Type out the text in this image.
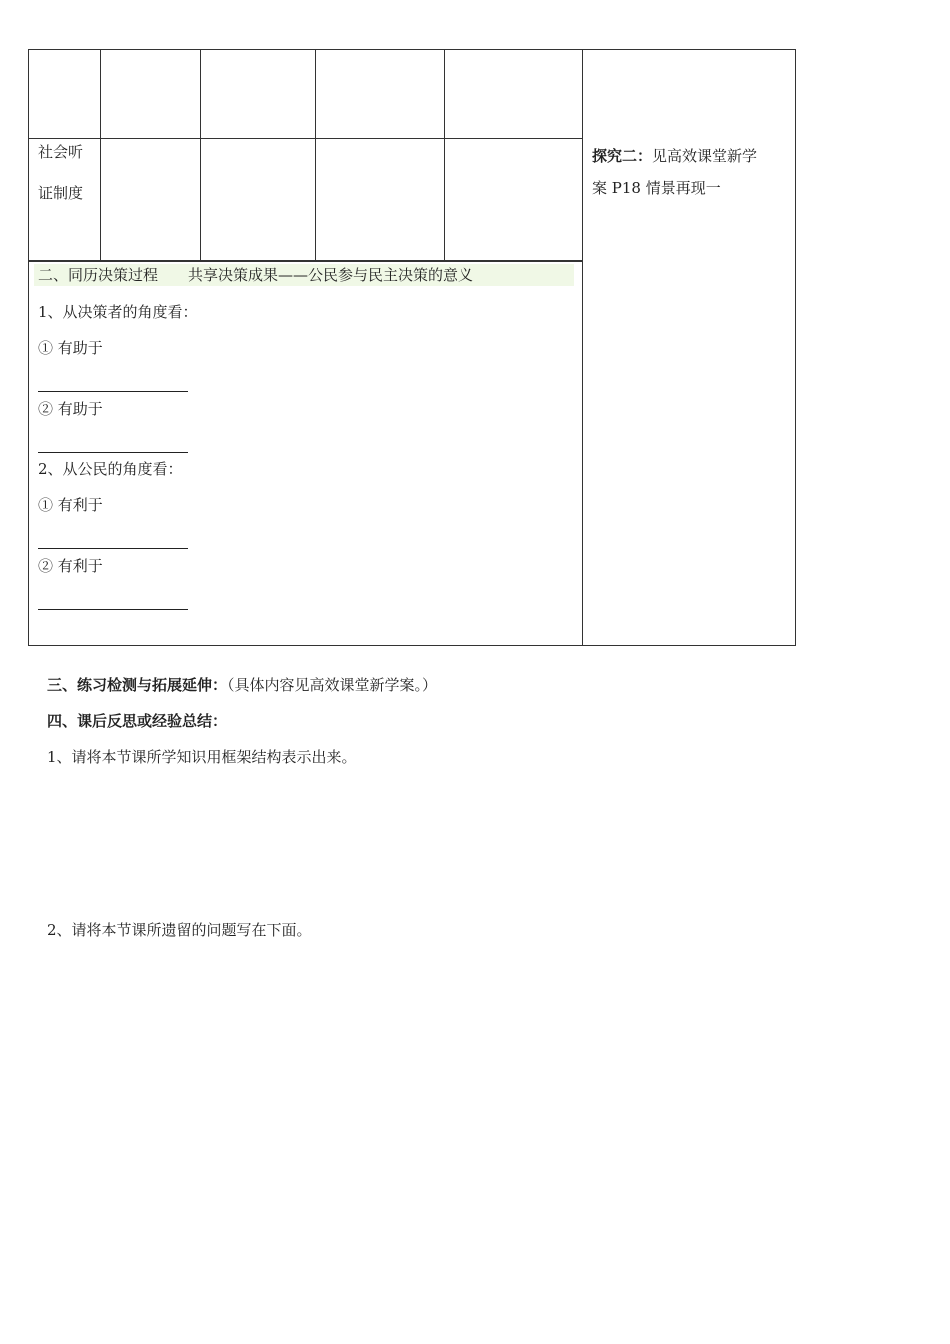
社会听
证制度
二、同历决策过程　　共享决策成果——公民参与民主决策的意义
1、从决策者的角度看：
① 有助于
② 有助于
2、从公民的角度看：
① 有利于
② 有利于
探究二：见高效课堂新学
案 P18 情景再现一
三、练习检测与拓展延伸：（具体内容见高效课堂新学案。）
四、课后反思或经验总结：
1、请将本节课所学知识用框架结构表示出来。
2、请将本节课所遗留的问题写在下面。
